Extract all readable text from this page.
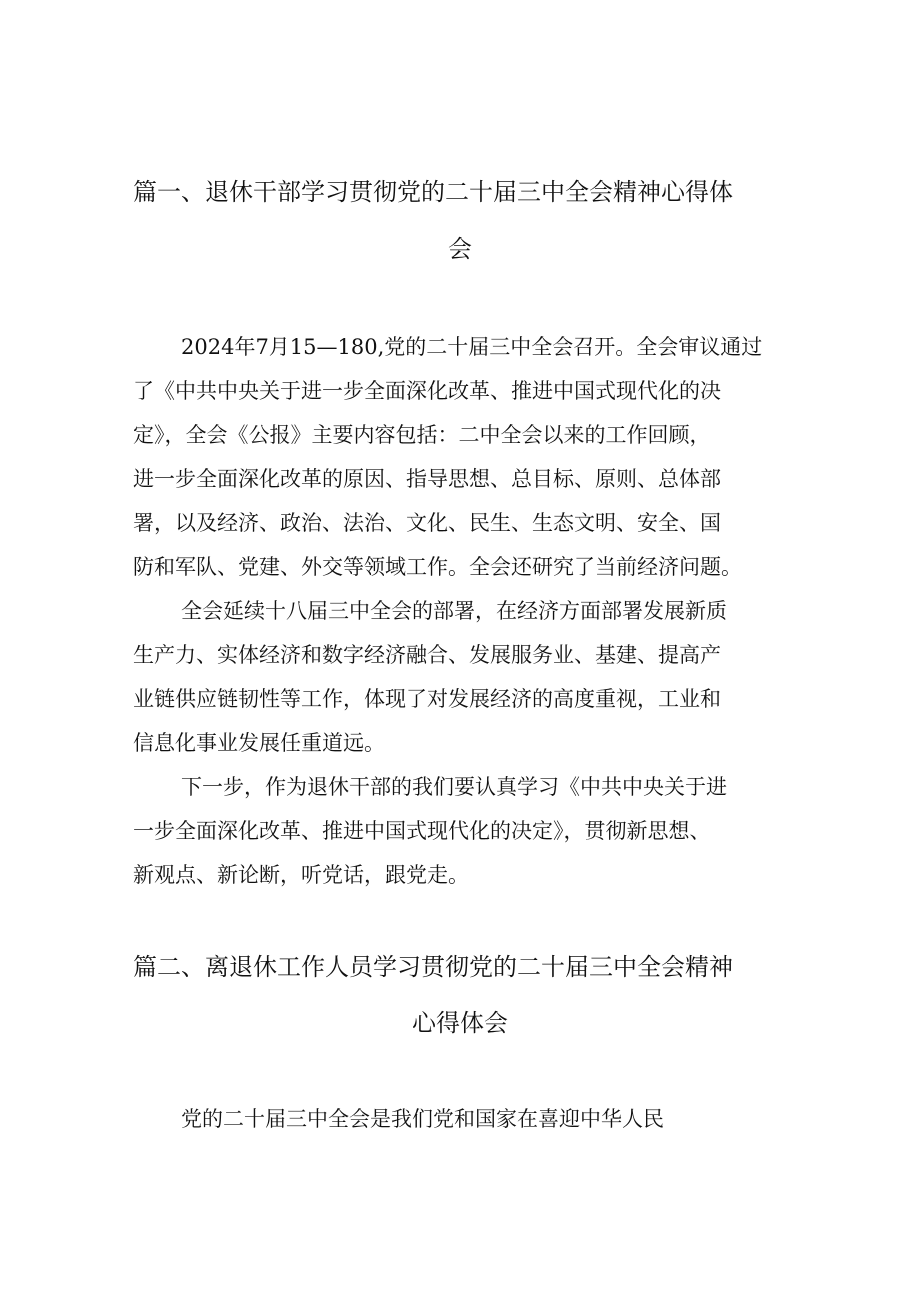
篇一、退休干部学习贯彻党的二十届三中全会精神心得体
会
2024年7月15—180,党的二十届三中全会召开。全会审议通过
了《中共中央关于进一步全面深化改革、推进中国式现代化的决
定》，全会《公报》主要内容包括：二中全会以来的工作回顾，
进一步全面深化改革的原因、指导思想、总目标、原则、总体部
署，以及经济、政治、法治、文化、民生、生态文明、安全、国
防和军队、党建、外交等领域工作。全会还研究了当前经济问题。
全会延续十八届三中全会的部署，在经济方面部署发展新质
生产力、实体经济和数字经济融合、发展服务业、基建、提高产
业链供应链韧性等工作，体现了对发展经济的高度重视，工业和
信息化事业发展任重道远。
下一步，作为退休干部的我们要认真学习《中共中央关于进
一步全面深化改革、推进中国式现代化的决定》，贯彻新思想、
新观点、新论断，听党话，跟党走。
篇二、离退休工作人员学习贯彻党的二十届三中全会精神
心得体会
党的二十届三中全会是我们党和国家在喜迎中华人民
